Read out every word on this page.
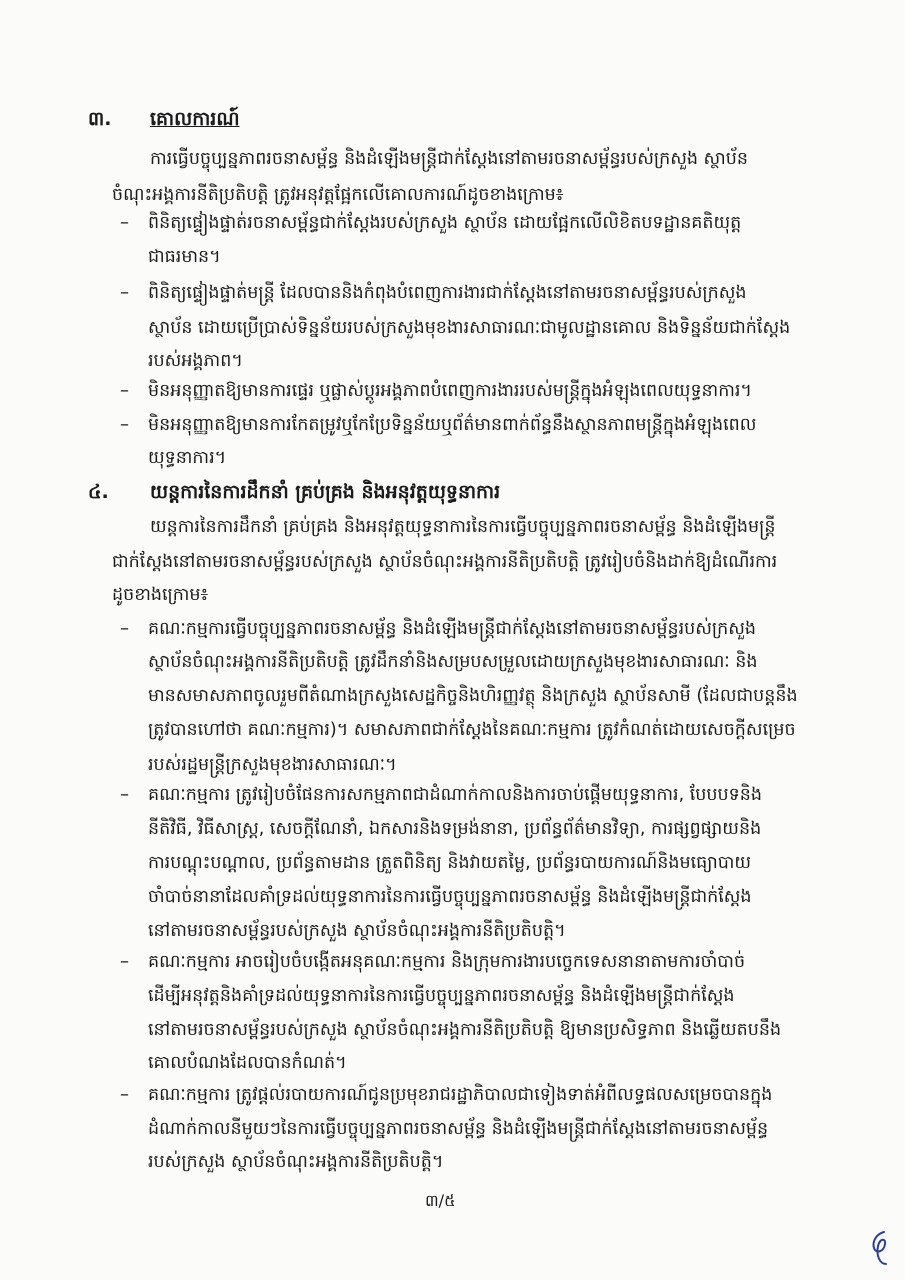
៣. គោលការណ៍
ការធ្វើបច្ចុប្បន្នភាពរចនាសម្ព័ន្ធ និងដំឡើងមន្ត្រីជាក់ស្ដែងនៅតាមរចនាសម្ព័ន្ធរបស់ក្រសួង ស្ថាប័ន
ចំណុះអង្គការនីតិប្រតិបត្តិ ត្រូវអនុវត្តផ្អែកលើគោលការណ៍ដូចខាងក្រោម៖
– ពិនិត្យផ្ទៀងផ្ទាត់រចនាសម្ព័ន្ធជាក់ស្ដែងរបស់ក្រសួង ស្ថាប័ន ដោយផ្អែកលើលិខិតបទដ្ឋានគតិយុត្ត
ជាធរមាន។
– ពិនិត្យផ្ទៀងផ្ទាត់មន្ត្រី ដែលបាននិងកំពុងបំពេញការងារជាក់ស្ដែងនៅតាមរចនាសម្ព័ន្ធរបស់ក្រសួង
ស្ថាប័ន ដោយប្រើប្រាស់ទិន្នន័យរបស់ក្រសួងមុខងារសាធារណៈជាមូលដ្ឋានគោល និងទិន្នន័យជាក់ស្ដែង
របស់អង្គភាព។
– មិនអនុញ្ញាតឱ្យមានការផ្ទេរ ឬផ្លាស់ប្ដូរអង្គភាពបំពេញការងាររបស់មន្ត្រីក្នុងអំឡុងពេលយុទ្ធនាការ។
– មិនអនុញ្ញាតឱ្យមានការកែតម្រូវឬកែប្រែទិន្នន័យឬព័ត៌មានពាក់ព័ន្ធនឹងស្ថានភាពមន្ត្រីក្នុងអំឡុងពេល
យុទ្ធនាការ។
៤. យន្តការនៃការដឹកនាំ គ្រប់គ្រង និងអនុវត្តយុទ្ធនាការ
យន្តការនៃការដឹកនាំ គ្រប់គ្រង និងអនុវត្តយុទ្ធនាការនៃការធ្វើបច្ចុប្បន្នភាពរចនាសម្ព័ន្ធ និងដំឡើងមន្ត្រី
ជាក់ស្ដែងនៅតាមរចនាសម្ព័ន្ធរបស់ក្រសួង ស្ថាប័នចំណុះអង្គការនីតិប្រតិបត្តិ ត្រូវរៀបចំនិងដាក់ឱ្យដំណើរការ
ដូចខាងក្រោម៖
– គណៈកម្មការធ្វើបច្ចុប្បន្នភាពរចនាសម្ព័ន្ធ និងដំឡើងមន្ត្រីជាក់ស្ដែងនៅតាមរចនាសម្ព័ន្ធរបស់ក្រសួង
ស្ថាប័នចំណុះអង្គការនីតិប្រតិបត្តិ ត្រូវដឹកនាំនិងសម្របសម្រួលដោយក្រសួងមុខងារសាធារណៈ និង
មានសមាសភាពចូលរួមពីតំណាងក្រសួងសេដ្ឋកិច្ចនិងហិរញ្ញវត្ថុ និងក្រសួង ស្ថាប័នសាមី (ដែលជាបន្ដនឹង
ត្រូវបានហៅថា គណៈកម្មការ)។ សមាសភាពជាក់ស្ដែងនៃគណៈកម្មការ ត្រូវកំណត់ដោយសេចក្ដីសម្រេច
របស់រដ្ឋមន្ត្រីក្រសួងមុខងារសាធារណៈ។
– គណៈកម្មការ ត្រូវរៀបចំផែនការសកម្មភាពជាដំណាក់កាលនិងការចាប់ផ្ដើមយុទ្ធនាការ, បែបបទនិង
នីតិវិធី, វិធីសាស្ត្រ, សេចក្ដីណែនាំ, ឯកសារនិងទម្រង់នានា, ប្រព័ន្ធព័ត៌មានវិទ្យា, ការផ្សព្វផ្សាយនិង
ការបណ្ដុះបណ្ដាល, ប្រព័ន្ធតាមដាន ត្រួតពិនិត្យ និងវាយតម្លៃ, ប្រព័ន្ធរបាយការណ៍និងមធ្យោបាយ
ចាំបាច់នានាដែលគាំទ្រដល់យុទ្ធនាការនៃការធ្វើបច្ចុប្បន្នភាពរចនាសម្ព័ន្ធ និងដំឡើងមន្ត្រីជាក់ស្ដែង
នៅតាមរចនាសម្ព័ន្ធរបស់ក្រសួង ស្ថាប័នចំណុះអង្គការនីតិប្រតិបត្តិ។
– គណៈកម្មការ អាចរៀបចំបង្កើតអនុគណៈកម្មការ និងក្រុមការងារបច្ចេកទេសនានាតាមការចាំបាច់
ដើម្បីអនុវត្តនិងគាំទ្រដល់យុទ្ធនាការនៃការធ្វើបច្ចុប្បន្នភាពរចនាសម្ព័ន្ធ និងដំឡើងមន្ត្រីជាក់ស្ដែង
នៅតាមរចនាសម្ព័ន្ធរបស់ក្រសួង ស្ថាប័នចំណុះអង្គការនីតិប្រតិបត្តិ ឱ្យមានប្រសិទ្ធភាព និងឆ្លើយតបនឹង
គោលបំណងដែលបានកំណត់។
– គណៈកម្មការ ត្រូវផ្ដល់របាយការណ៍ជូនប្រមុខរាជរដ្ឋាភិបាលជាទៀងទាត់អំពីលទ្ធផលសម្រេចបានក្នុង
ដំណាក់កាលនីមួយៗនៃការធ្វើបច្ចុប្បន្នភាពរចនាសម្ព័ន្ធ និងដំឡើងមន្ត្រីជាក់ស្ដែងនៅតាមរចនាសម្ព័ន្ធ
របស់ក្រសួង ស្ថាប័នចំណុះអង្គការនីតិប្រតិបត្តិ។
៣/៥
